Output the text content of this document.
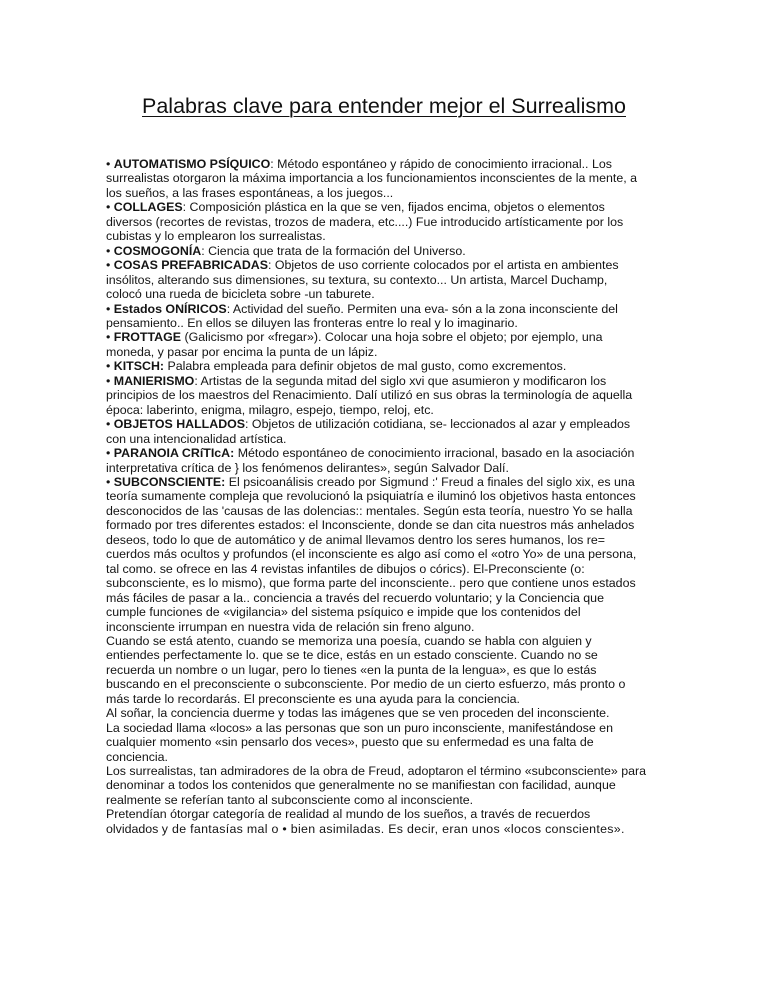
Palabras clave para entender mejor el Surrealismo

• AUTOMATISMO PSÍQUICO: Método espontáneo y rápido de conocimiento irracional.. Los surrealistas otorgaron la máxima importancia a los funcionamientos inconscientes de la mente, a los sueños, a las frases espontáneas, a los juegos...

• COLLAGES: Composición plástica en la que se ven, fijados encima, objetos o elementos diversos (recortes de revistas, trozos de madera, etc....) Fue introducido artísticamente por los cubistas y lo emplearon los surrealistas.

• COSMOGONÍA: Ciencia que trata de la formación del Universo.

• COSAS PREFABRICADAS: Objetos de uso corriente colocados por el artista en ambientes insólitos, alterando sus dimensiones, su textura, su contexto... Un artista, Marcel Duchamp, colocó una rueda de bicicleta sobre -un taburete.

• Estados ONÍRICOS: Actividad del sueño. Permiten una eva- són a la zona inconsciente del pensamiento.. En ellos se diluyen las fronteras entre lo real y lo imaginario.

• FROTTAGE (Galicismo por «fregar»). Colocar una hoja sobre el objeto; por ejemplo, una moneda, y pasar por encima la punta de un lápiz.

• KITSCH: Palabra empleada para definir objetos de mal gusto, como excrementos.

• MANIERISMO: Artistas de la segunda mitad del siglo xvi que asumieron y modificaron los principios de los maestros del Renacimiento. Dalí utilizó en sus obras la terminología de aquella época: laberinto, enigma, milagro, espejo, tiempo, reloj, etc.

• OBJETOS HALLADOS: Objetos de utilización cotidiana, se- leccionados al azar y empleados con una intencionalidad artística.

• PARANOIA CRíTIcA: Método espontáneo de conocimiento irracional, basado en la asociación interpretativa crítica de } los fenómenos delirantes», según Salvador Dalí.

• SUBCONSCIENTE: El psicoanálisis creado por Sigmund :' Freud a finales del siglo xix, es una teoría sumamente compleja que revolucionó la psiquiatría e iluminó los objetivos hasta entonces desconocidos de las 'causas de las dolencias:: mentales. Según esta teoría, nuestro Yo se halla formado por tres diferentes estados: el Inconsciente, donde se dan cita nuestros más anhelados deseos, todo lo que de automático y de animal llevamos dentro los seres humanos, los re= cuerdos más ocultos y profundos (el inconsciente es algo así como el «otro Yo» de una persona, tal como. se ofrece en las 4 revistas infantiles de dibujos o córics). El-Preconsciente (o: subconsciente, es lo mismo), que forma parte del inconsciente.. pero que contiene unos estados más fáciles de pasar a la.. conciencia a través del recuerdo voluntario; y la Conciencia que cumple funciones de «vigilancia» del sistema psíquico e impide que los contenidos del inconsciente irrumpan en nuestra vida de relación sin freno alguno.

Cuando se está atento, cuando se memoriza una poesía, cuando se habla con alguien y entiendes perfectamente lo. que se te dice, estás en un estado consciente. Cuando no se recuerda un nombre o un lugar, pero lo tienes «en la punta de la lengua», es que lo estás buscando en el preconsciente o subconsciente. Por medio de un cierto esfuerzo, más pronto o más tarde lo recordarás. El preconsciente es una ayuda para la conciencia.

Al soñar, la conciencia duerme y todas las imágenes que se ven proceden del inconsciente.

La sociedad llama «locos» a las personas que son un puro inconsciente, manifestándose en cualquier momento «sin pensarlo dos veces», puesto que su enfermedad es una falta de conciencia.

Los surrealistas, tan admiradores de la obra de Freud, adoptaron el término «subconsciente» para denominar a todos los contenidos que generalmente no se manifiestan con facilidad, aunque realmente se referían tanto al subconsciente como al inconsciente.

Pretendían ótorgar categoría de realidad al mundo de los sueños, a través de recuerdos olvidados y de fantasías mal o • bien asimiladas. Es decir, eran unos «locos conscientes».
